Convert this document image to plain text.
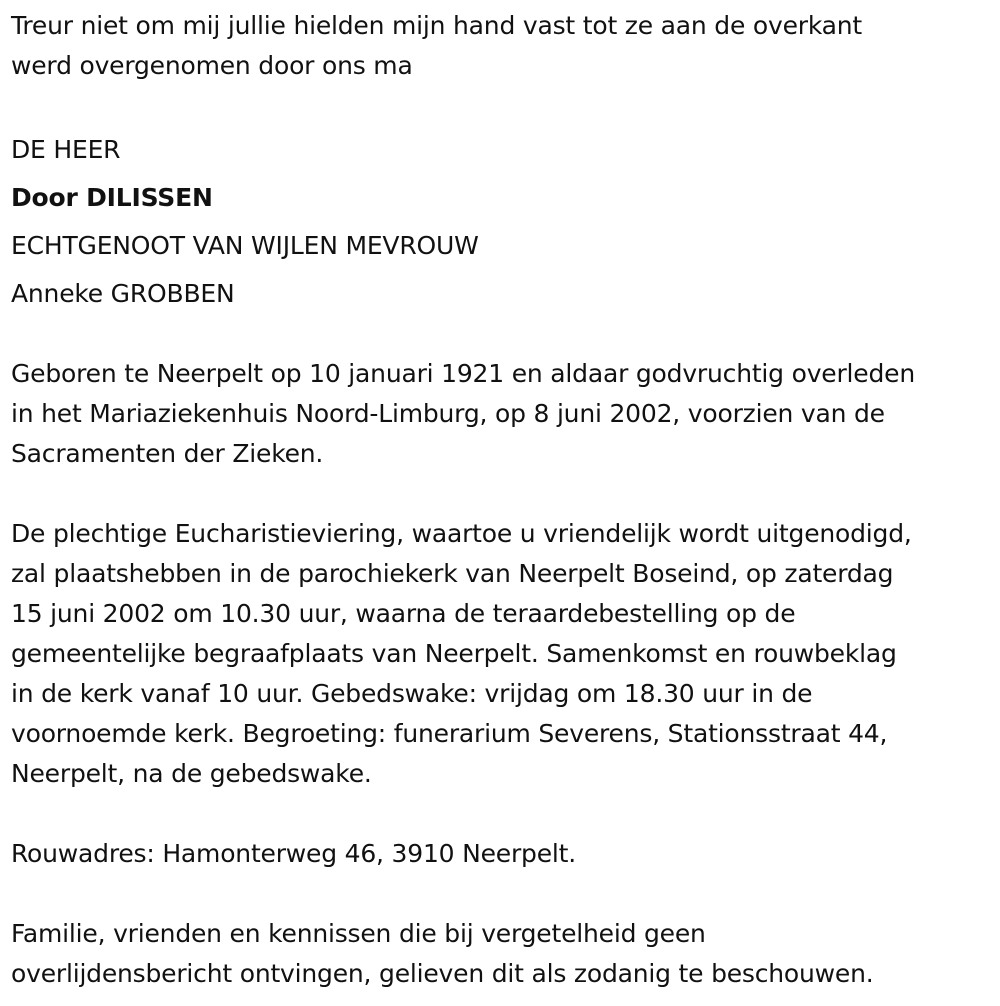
Treur niet om mij jullie hielden mijn hand vast tot ze aan de overkant
werd overgenomen door ons ma
DE HEER
Door DILISSEN
ECHTGENOOT VAN WIJLEN MEVROUW
Anneke GROBBEN
Geboren te Neerpelt op 10 januari 1921 en aldaar godvruchtig overleden
in het Mariaziekenhuis Noord-Limburg, op 8 juni 2002, voorzien van de
Sacramenten der Zieken.
De plechtige Eucharistieviering, waartoe u vriendelijk wordt uitgenodigd,
zal plaatshebben in de parochiekerk van Neerpelt Boseind, op zaterdag
15 juni 2002 om 10.30 uur, waarna de teraardebestelling op de
gemeentelijke begraafplaats van Neerpelt. Samenkomst en rouwbeklag
in de kerk vanaf 10 uur. Gebedswake: vrijdag om 18.30 uur in de
voornoemde kerk. Begroeting: funerarium Severens, Stationsstraat 44,
Neerpelt, na de gebedswake.
Rouwadres: Hamonterweg 46, 3910 Neerpelt.
Familie, vrienden en kennissen die bij vergetelheid geen
overlijdensbericht ontvingen, gelieven dit als zodanig te beschouwen.
